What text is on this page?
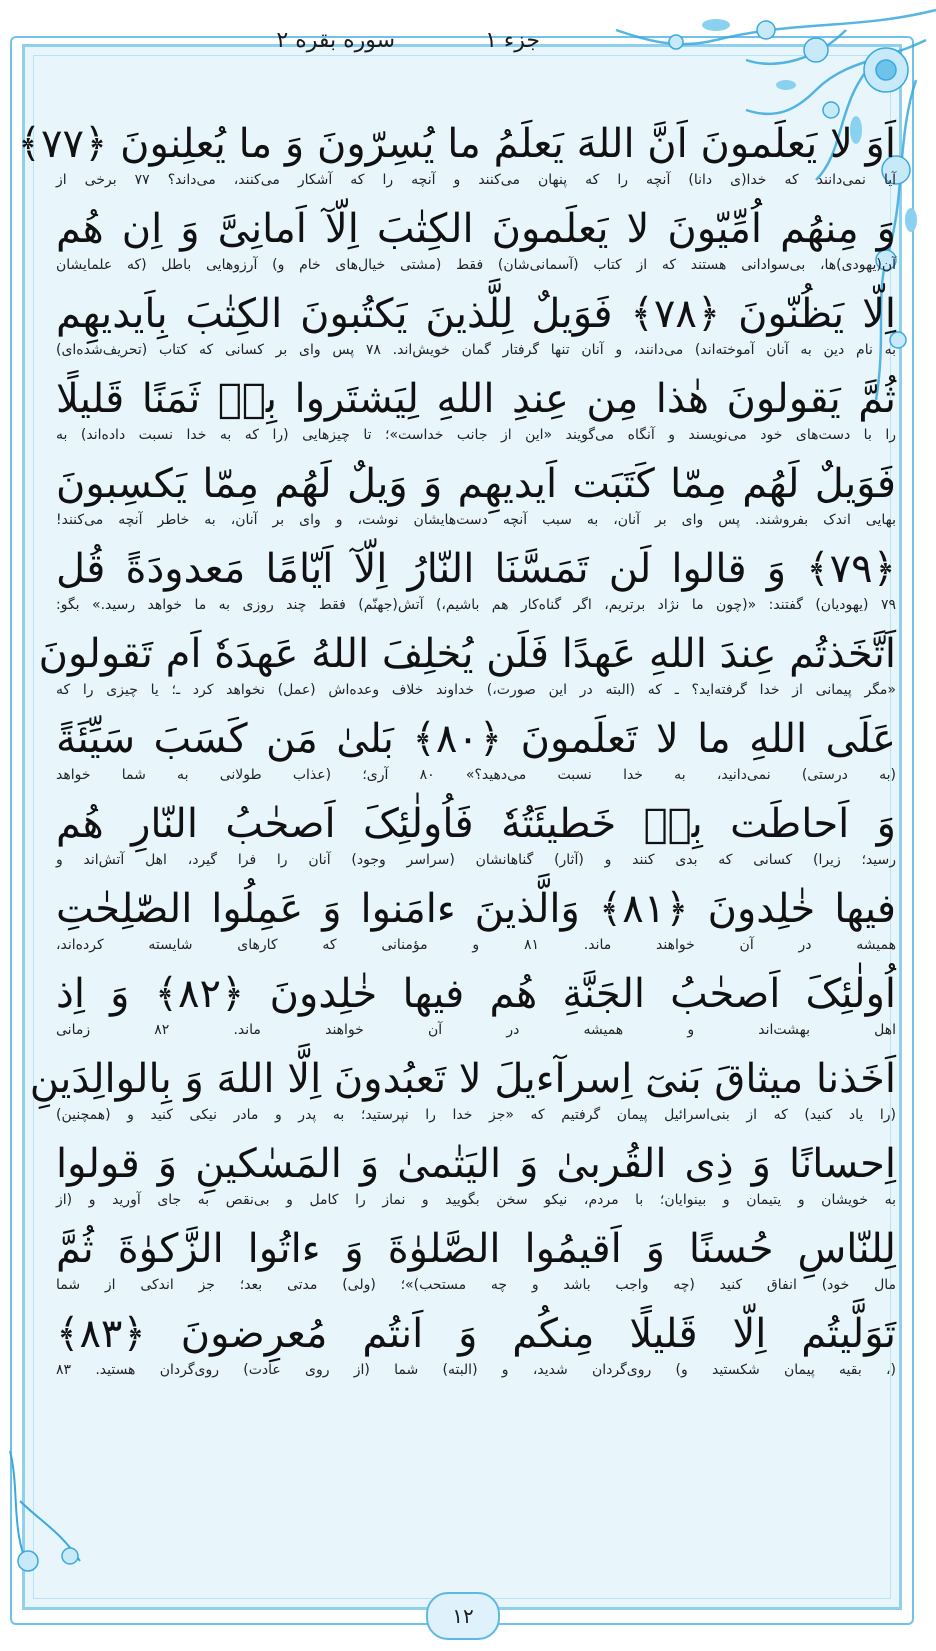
جزء ۱
سوره بقره ۲
اَوَ لا یَعلَمونَ اَنَّ اللهَ یَعلَمُ ما یُسِرّونَ وَ ما یُعلِنونَ ﴿۷۷﴾
آیا نمی‌دانند که خدا(ی دانا) آنچه را که پنهان می‌کنند و آنچه را که آشکار می‌کنند، می‌داند؟ ۷۷ برخی از
وَ مِنهُم اُمِّیّونَ لا یَعلَمونَ الکِتٰبَ اِلّآ اَمانِیَّ وَ اِن هُم
آن(یهودی)ها، بی‌سوادانی هستند که از کتاب (آسمانی‌شان) فقط (مشتی خیال‌های خام و) آرزوهایی باطل (که علمایشان
اِلّا یَظُنّونَ ﴿۷۸﴾ فَوَیلٌ لِلَّذینَ یَکتُبونَ الکِتٰبَ بِاَیدیهِم
به نام دین به آنان آموخته‌اند) می‌دانند، و آنان تنها گرفتار گمان خویش‌اند. ۷۸ پس وای بر کسانی که کتاب (تحریف‌شده‌ای)
ثُمَّ یَقولونَ هٰذا مِن عِندِ اللهِ لِیَشتَروا بِهٖ ثَمَنًا قَلیلًا
را با دست‌های خود می‌نویسند و آنگاه می‌گویند «این از جانب خداست»؛ تا چیزهایی (را که به خدا نسبت داده‌اند) به
فَوَیلٌ لَهُم مِمّا کَتَبَت اَیدیهِم وَ وَیلٌ لَهُم مِمّا یَکسِبونَ
بهایی اندک بفروشند. پس وای بر آنان، به سبب آنچه دست‌هایشان نوشت، و وای بر آنان، به خاطر آنچه می‌کنند!
﴿۷۹﴾ وَ قالوا لَن تَمَسَّنَا النّارُ اِلّآ اَیّامًا مَعدودَةً قُل
۷۹ (یهودیان) گفتند: «(چون ما نژاد برتریم، اگر گناه‌کار هم باشیم،) آتش(جهنّم) فقط چند روزی به ما خواهد رسید.» بگو:
اَتَّخَذتُم عِندَ اللهِ عَهدًا فَلَن یُخلِفَ اللهُ عَهدَهٗ اَم تَقولونَ
«مگر پیمانی از خدا گرفته‌اید؟ ـ که (البته در این صورت،) خداوند خلاف وعده‌اش (عمل) نخواهد کرد ـ؛ یا چیزی را که
عَلَی اللهِ ما لا تَعلَمونَ ﴿۸۰﴾ بَلیٰ مَن کَسَبَ سَیِّئَةً
(به درستی) نمی‌دانید، به خدا نسبت می‌دهید؟» ۸۰ آری؛ (عذاب طولانی به شما خواهد
وَ اَحاطَت بِهٖ خَطیئَتُهٗ فَاُولٰئِکَ اَصحٰبُ النّارِ هُم
رسید؛ زیرا) کسانی که بدی کنند و (آثار) گناهانشان (سراسر وجود) آنان را فرا گیرد، اهل آتش‌اند و
فیها خٰلِدونَ ﴿۸۱﴾ وَالَّذینَ ءامَنوا وَ عَمِلُوا الصّٰلِحٰتِ
همیشه در آن خواهند ماند. ۸۱ و مؤمنانی که کارهای شایسته کرده‌اند،
اُولٰئِکَ اَصحٰبُ الجَنَّةِ هُم فیها خٰلِدونَ ﴿۸۲﴾ وَ اِذ
اهل بهشت‌اند و همیشه در آن خواهند ماند. ۸۲ زمانی
اَخَذنا میثاقَ بَنیٓ اِسرآءیلَ لا تَعبُدونَ اِلَّا اللهَ وَ بِالوالِدَینِ
(را یاد کنید) که از بنی‌اسرائیل پیمان گرفتیم که «جز خدا را نپرستید؛ به پدر و مادر نیکی کنید و (همچنین)
اِحسانًا وَ ذِی القُربیٰ وَ الیَتٰمیٰ وَ المَسٰکینِ وَ قولوا
به خویشان و یتیمان و بینوایان؛ با مردم، نیکو سخن بگویید و نماز را کامل و بی‌نقص به جای آورید و (از
لِلنّاسِ حُسنًا وَ اَقیمُوا الصَّلوٰةَ وَ ءاتُوا الزَّکوٰةَ ثُمَّ
مال خود) انفاق کنید (چه واجب باشد و چه مستحب)»؛ (ولی) مدتی بعد؛ جز اندکی از شما
تَوَلَّیتُم اِلّا قَلیلًا مِنکُم وَ اَنتُم مُعرِضونَ ﴿۸۳﴾
(، بقیه پیمان شکستید و) روی‌گردان شدید، و (البته) شما (از روی عادت) روی‌گردان هستید. ۸۳
۱۲
